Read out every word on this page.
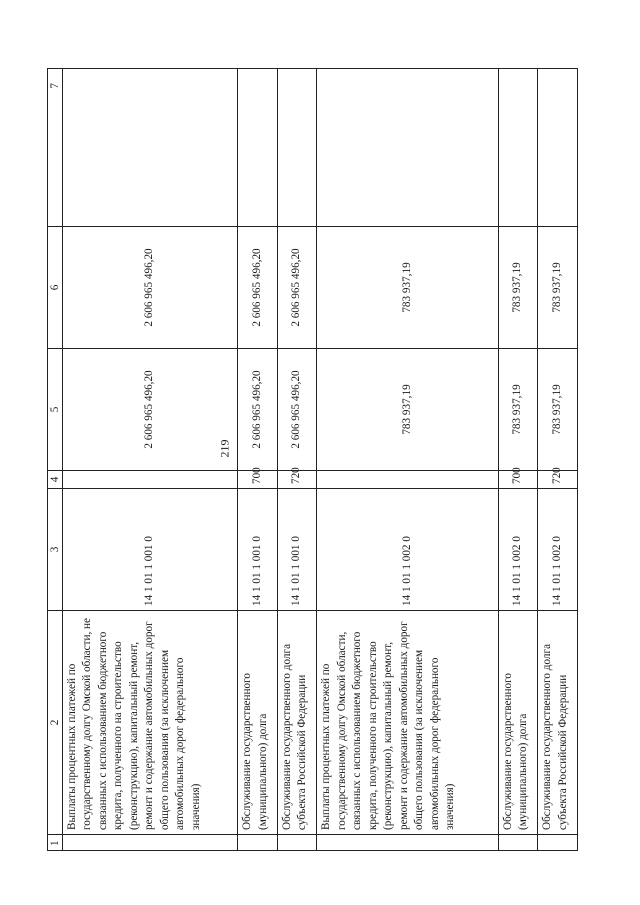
219
1	2	3	4	5	6	7
	Выплаты процентных платежей по государственному долгу Омской области, не связанных с использованием бюджетного кредита, полученного на строительство (реконструкцию), капитальный ремонт, ремонт и содержание автомобильных дорог общего пользования (за исключением автомобильных дорог федерального значения)	14 1 01 1 001 0		2 606 965 496,20	2 606 965 496,20	
	Обслуживание государственного (муниципального) долга	14 1 01 1 001 0	700	2 606 965 496,20	2 606 965 496,20	
	Обслуживание государственного долга субъекта Российской Федерации	14 1 01 1 001 0	720	2 606 965 496,20	2 606 965 496,20	
	Выплаты процентных платежей по государственному долгу Омской области, связанных с использованием бюджетного кредита, полученного на строительство (реконструкцию), капитальный ремонт, ремонт и содержание автомобильных дорог общего пользования (за исключением автомобильных дорог федерального значения)	14 1 01 1 002 0		783 937,19	783 937,19	
	Обслуживание государственного (муниципального) долга	14 1 01 1 002 0	700	783 937,19	783 937,19	
	Обслуживание государственного долга субъекта Российской Федерации	14 1 01 1 002 0	720	783 937,19	783 937,19	
